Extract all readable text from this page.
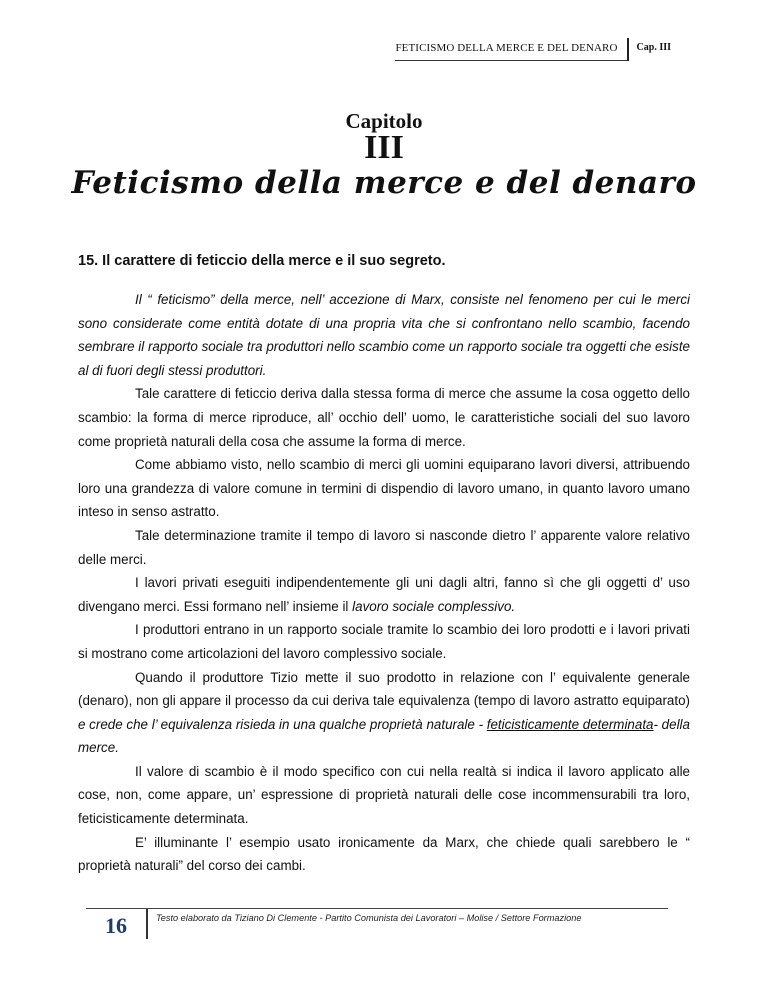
FETICISMO DELLA MERCE E DEL DENARO	Cap. III
Capitolo
III
Feticismo della merce e del denaro
15. Il carattere di feticcio della merce e il suo segreto.

Il “ feticismo” della merce, nell’ accezione di Marx, consiste nel fenomeno per cui le merci sono considerate come entità dotate di una propria vita che si confrontano nello scambio, facendo sembrare il rapporto sociale tra produttori nello scambio come un rapporto sociale tra oggetti che esiste al di fuori degli stessi produttori.

Tale carattere di feticcio deriva dalla stessa forma di merce che assume la cosa oggetto dello scambio: la forma di merce riproduce, all’ occhio dell’ uomo, le caratteristiche sociali del suo lavoro come proprietà naturali della cosa che assume la forma di merce.

Come abbiamo visto, nello scambio di merci gli uomini equiparano lavori diversi, attribuendo loro una grandezza di valore comune in termini di dispendio di lavoro umano, in quanto lavoro umano inteso in senso astratto.

Tale determinazione tramite il tempo di lavoro si nasconde dietro l’ apparente valore relativo delle merci.

I lavori privati eseguiti indipendentemente gli uni dagli altri, fanno sì che gli oggetti d’ uso divengano merci. Essi formano nell’ insieme il lavoro sociale complessivo.

I produttori entrano in un rapporto sociale tramite lo scambio dei loro prodotti e i lavori privati si mostrano come articolazioni del lavoro complessivo sociale.

Quando il produttore Tizio mette il suo prodotto in relazione con l’ equivalente generale (denaro), non gli appare il processo da cui deriva tale equivalenza (tempo di lavoro astratto equiparato) e crede che l’ equivalenza risieda in una qualche proprietà naturale - feticisticamente determinata- della merce.

Il valore di scambio è il modo specifico con cui nella realtà si indica il lavoro applicato alle cose, non, come appare, un’ espressione di proprietà naturali delle cose incommensurabili tra loro, feticisticamente determinata.

E’ illuminante l’ esempio usato ironicamente da Marx, che chiede quali sarebbero le “ proprietà naturali” del corso dei cambi.

16	Testo elaborato da Tiziano Di Clemente - Partito Comunista dei Lavoratori – Molise / Settore Formazione
